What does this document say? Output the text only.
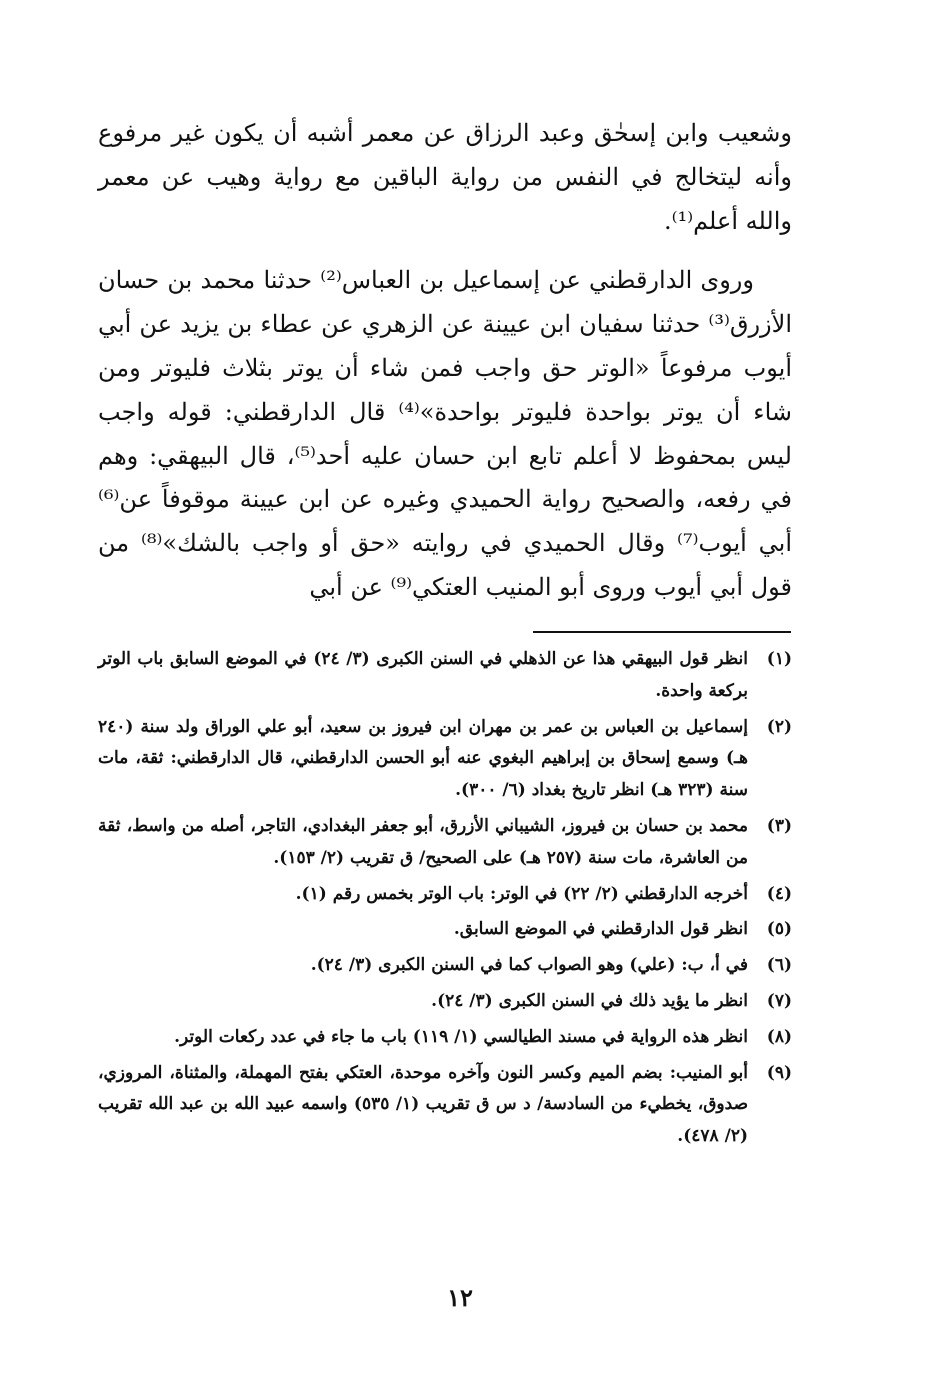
وشعيب وابن إسحٰق وعبد الرزاق عن معمر أشبه أن يكون غير مرفوع وأنه ليتخالج في النفس من رواية الباقين مع رواية وهيب عن معمر والله أعلم⁽¹⁾.

وروى الدارقطني عن إسماعيل بن العباس⁽²⁾ حدثنا محمد بن حسان الأزرق⁽³⁾ حدثنا سفيان ابن عيينة عن الزهري عن عطاء بن يزيد عن أبي أيوب مرفوعاً «الوتر حق واجب فمن شاء أن يوتر بثلاث فليوتر ومن شاء أن يوتر بواحدة فليوتر بواحدة»⁽⁴⁾ قال الدارقطني: قوله واجب ليس بمحفوظ لا أعلم تابع ابن حسان عليه أحد⁽⁵⁾، قال البيهقي: وهم في رفعه، والصحيح رواية الحميدي وغيره عن ابن عيينة موقوفاً عن⁽⁶⁾ أبي أيوب⁽⁷⁾ وقال الحميدي في روايته «حق أو واجب بالشك»⁽⁸⁾ من قول أبي أيوب وروى أبو المنيب العتكي⁽⁹⁾ عن أبي

(١)
انظر قول البيهقي هذا عن الذهلي في السنن الكبرى (٣/ ٢٤) في الموضع السابق باب الوتر بركعة واحدة.
(٢)
إسماعيل بن العباس بن عمر بن مهران ابن فيروز بن سعيد، أبو علي الوراق ولد سنة (٢٤٠ هـ) وسمع إسحاق بن إبراهيم البغوي عنه أبو الحسن الدارقطني، قال الدارقطني: ثقة، مات سنة (٣٢٣ هـ) انظر تاريخ بغداد (٦/ ٣٠٠).
(٣)
محمد بن حسان بن فيروز، الشيباني الأزرق، أبو جعفر البغدادي، التاجر، أصله من واسط، ثقة من العاشرة، مات سنة (٢٥٧ هـ) على الصحيح/ ق تقريب (٢/ ١٥٣).
(٤)
أخرجه الدارقطني (٢/ ٢٢) في الوتر: باب الوتر بخمس رقم (١).
(٥)
انظر قول الدارقطني في الموضع السابق.
(٦)
في أ، ب: (علي) وهو الصواب كما في السنن الكبرى (٣/ ٢٤).
(٧)
انظر ما يؤيد ذلك في السنن الكبرى (٣/ ٢٤).
(٨)
انظر هذه الرواية في مسند الطيالسي (١/ ١١٩) باب ما جاء في عدد ركعات الوتر.
(٩)
أبو المنيب: بضم الميم وكسر النون وآخره موحدة، العتكي بفتح المهملة، والمثناة، المروزي، صدوق، يخطيء من السادسة/ د س ق تقريب (١/ ٥٣٥) واسمه عبيد الله بن عبد الله تقريب (٢/ ٤٧٨).
١٢
